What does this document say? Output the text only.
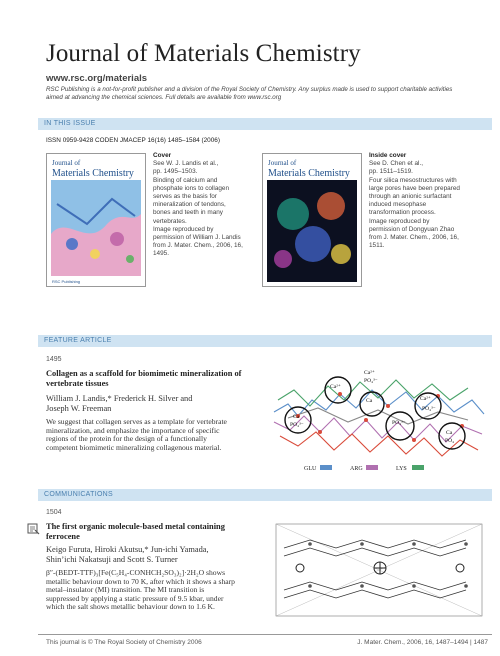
Journal of Materials Chemistry
www.rsc.org/materials
RSC Publishing is a not-for-profit publisher and a division of the Royal Society of Chemistry. Any surplus made is used to support charitable activities aimed at advancing the chemical sciences. Full details are available from www.rsc.org
IN THIS ISSUE
ISSN 0959-9428 CODEN JMACEP 16(16) 1485–1584 (2006)
Journal of
Materials Chemistry
RSC Publishing
Cover
See W. J. Landis et al.,
pp. 1495–1503.
Binding of calcium and
phosphate ions to collagen
serves as the basis for
mineralization of tendons,
bones and teeth in many
vertebrates.
Image reproduced by
permission of William J. Landis
from J. Mater. Chem., 2006, 16,
1495.
Journal of
Materials Chemistry
Inside cover
See D. Chen et al.,
pp. 1511–1519.
Four silica mesostructures with
large pores have been prepared
through an anionic surfactant
induced mesophase
transformation process.
Image reproduced by
permission of Dongyuan Zhao
from J. Mater. Chem., 2006, 16,
1511.
FEATURE ARTICLE
1495
Collagen as a scaffold for biomimetic mineralization of
vertebrate tissues
William J. Landis,* Frederick H. Silver and
Joseph W. Freeman
We suggest that collagen serves as a template for vertebrate
mineralization, and emphasize the importance of specific
regions of the protein for the design of a functionally
competent biomimetic mineralizing collagenous material.
Ca
PO₄³⁻
Ca²⁺
Ca²⁺
PO₄³⁻
Ca
PO₄³⁻
Ca²⁺
PO₄³⁻
Ca
PO₄
GLU	ARG	LYS
COMMUNICATIONS
1504
The first organic molecule-based metal containing
ferrocene
Keigo Furuta, Hiroki Akutsu,* Jun-ichi Yamada,
Shin’ichi Nakatsuji and Scott S. Turner
β″-(BEDT-TTF)₃[Fe(C₅H₄-CONHCH₂SO₃)₂]·2H₂O shows
metallic behaviour down to 70 K, after which it shows a sharp
metal–insulator (MI) transition. The MI transition is
suppressed by applying a static pressure of 9.5 kbar, under
which the salt shows metallic behaviour down to 1.6 K.
This journal is © The Royal Society of Chemistry 2006	J. Mater. Chem., 2006, 16, 1487–1494 | 1487
